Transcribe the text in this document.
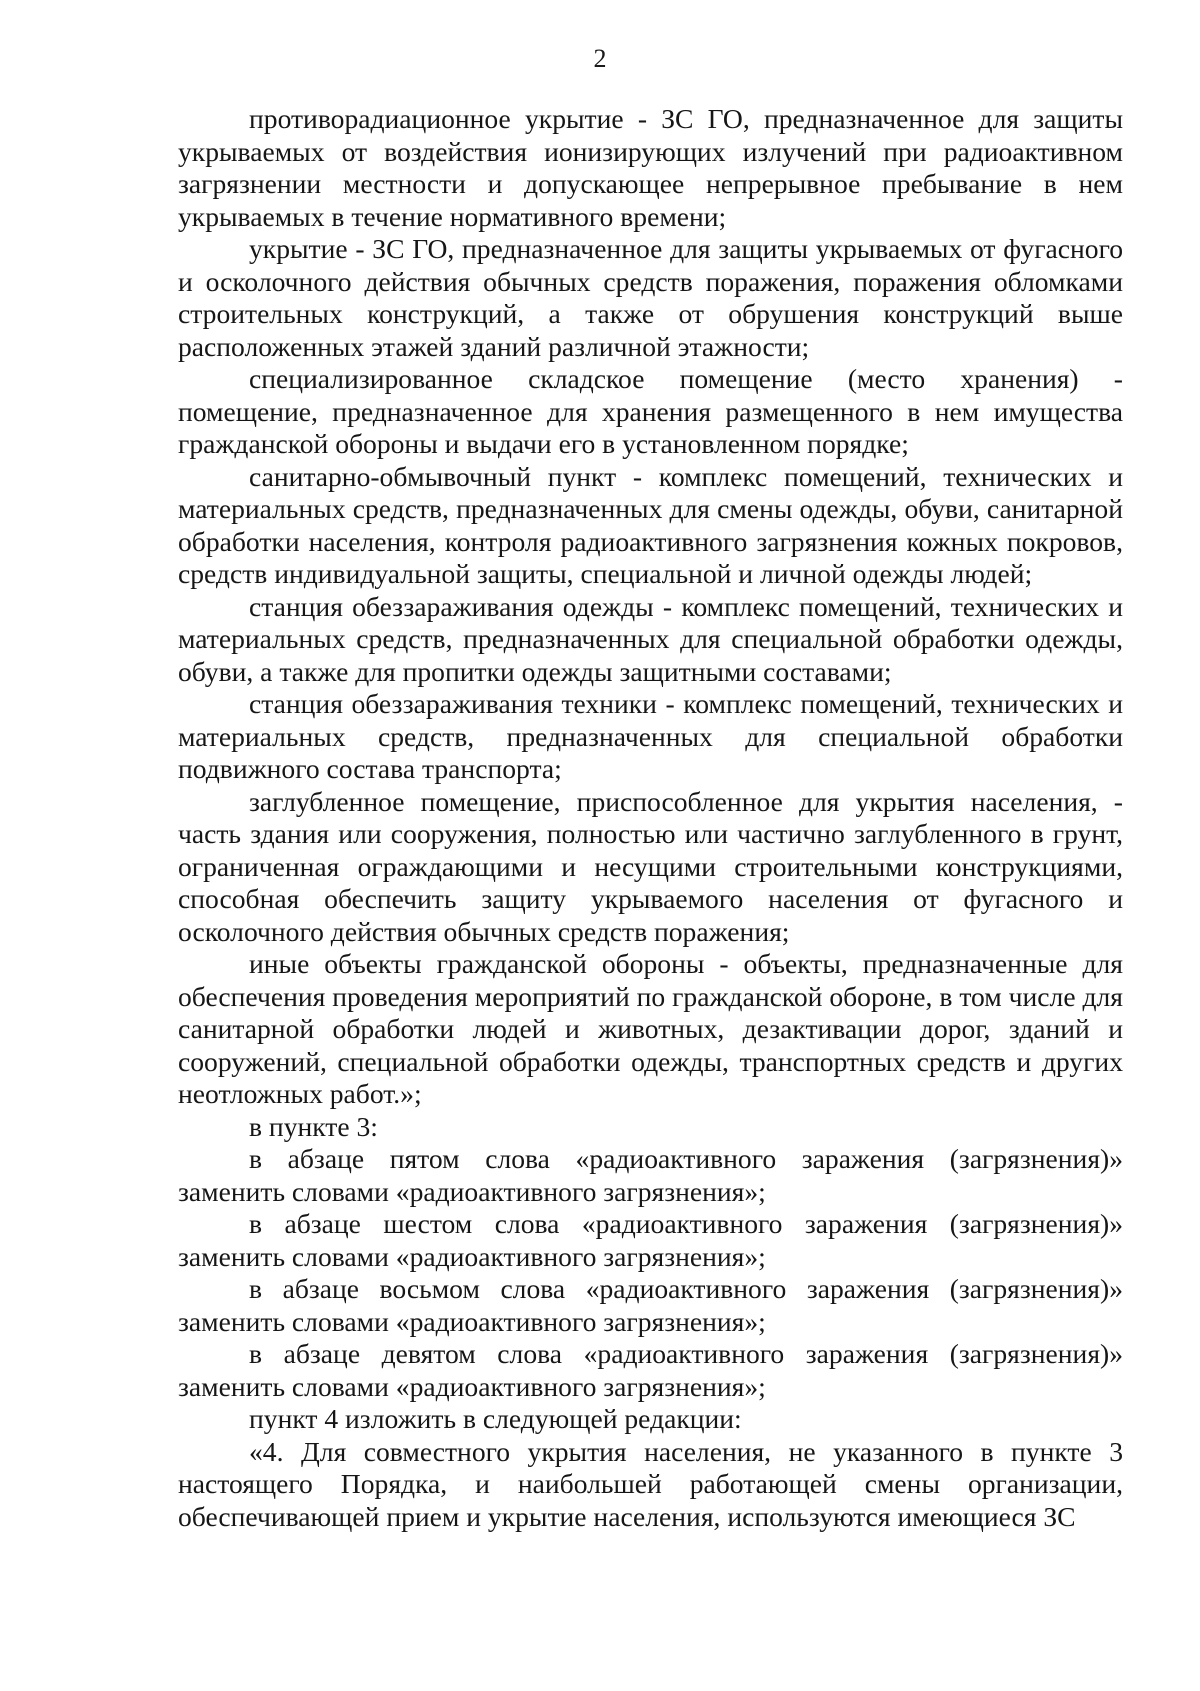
2

противорадиационное укрытие - ЗС ГО, предназначенное для защиты укрываемых от воздействия ионизирующих излучений при радиоактивном загрязнении местности и допускающее непрерывное пребывание в нем укрываемых в течение нормативного времени;

укрытие - ЗС ГО, предназначенное для защиты укрываемых от фугасного и осколочного действия обычных средств поражения, поражения обломками строительных конструкций, а также от обрушения конструкций выше расположенных этажей зданий различной этажности;

специализированное складское помещение (место хранения) - помещение, предназначенное для хранения размещенного в нем имущества гражданской обороны и выдачи его в установленном порядке;

санитарно-обмывочный пункт - комплекс помещений, технических и материальных средств, предназначенных для смены одежды, обуви, санитарной обработки населения, контроля радиоактивного загрязнения кожных покровов, средств индивидуальной защиты, специальной и личной одежды людей;

станция обеззараживания одежды - комплекс помещений, технических и материальных средств, предназначенных для специальной обработки одежды, обуви, а также для пропитки одежды защитными составами;

станция обеззараживания техники - комплекс помещений, технических и материальных средств, предназначенных для специальной обработки подвижного состава транспорта;

заглубленное помещение, приспособленное для укрытия населения, - часть здания или сооружения, полностью или частично заглубленного в грунт, ограниченная ограждающими и несущими строительными конструкциями, способная обеспечить защиту укрываемого населения от фугасного и осколочного действия обычных средств поражения;

иные объекты гражданской обороны - объекты, предназначенные для обеспечения проведения мероприятий по гражданской обороне, в том числе для санитарной обработки людей и животных, дезактивации дорог, зданий и сооружений, специальной обработки одежды, транспортных средств и других неотложных работ.»;

в пункте 3:

в абзаце пятом слова «радиоактивного заражения (загрязнения)» заменить словами «радиоактивного загрязнения»;

в абзаце шестом слова «радиоактивного заражения (загрязнения)» заменить словами «радиоактивного загрязнения»;

в абзаце восьмом слова «радиоактивного заражения (загрязнения)» заменить словами «радиоактивного загрязнения»;

в абзаце девятом слова «радиоактивного заражения (загрязнения)» заменить словами «радиоактивного загрязнения»;

пункт 4 изложить в следующей редакции:

«4. Для совместного укрытия населения, не указанного в пункте 3 настоящего Порядка, и наибольшей работающей смены организации, обеспечивающей прием и укрытие населения, используются имеющиеся ЗС
